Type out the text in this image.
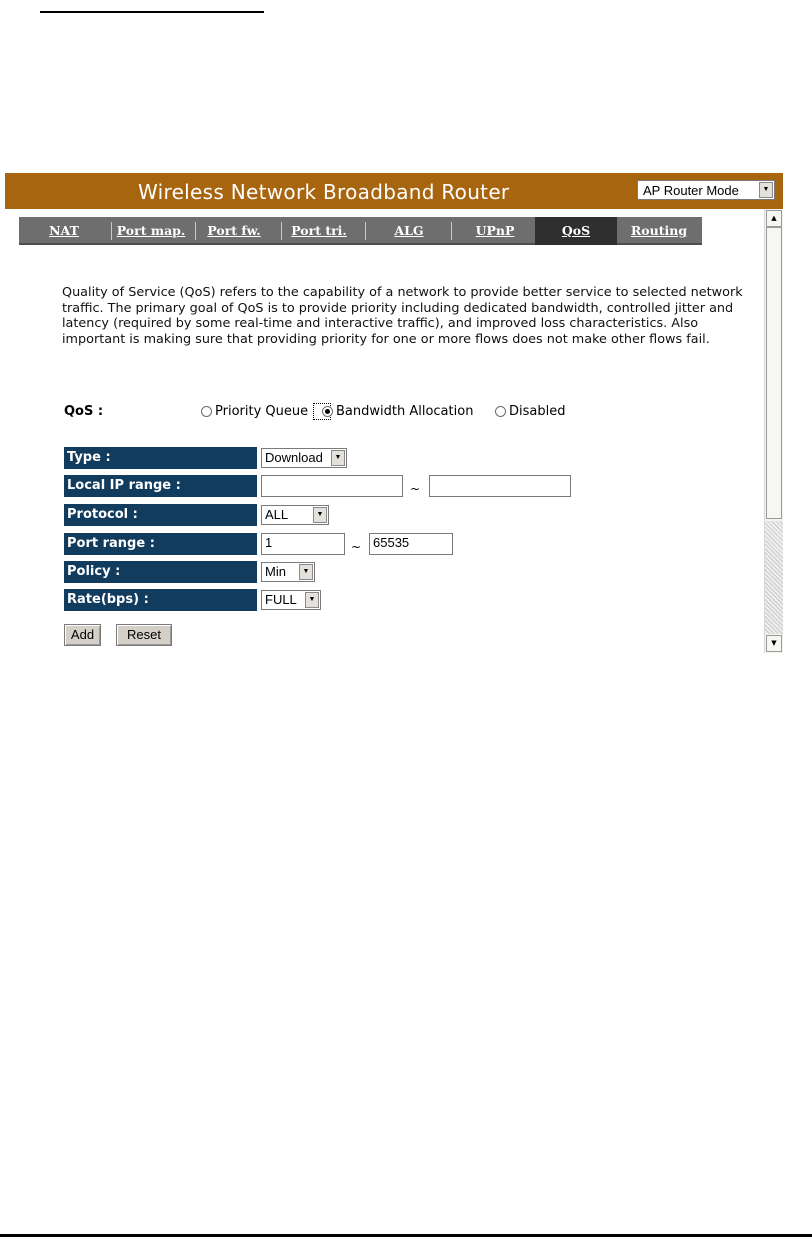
Wireless Network Broadband Router	AP Router Mode	▼
NAT	Port map.	Port fw.	Port tri.	ALG	UPnP	QoS	Routing
▲
▼

Quality of Service (QoS) refers to the capability of a network to provide better service to selected network traffic. The primary goal of QoS is to provide priority including dedicated bandwidth, controlled jitter and latency (required by some real-time and interactive traffic), and improved loss characteristics. Also important is making sure that providing priority for one or more flows does not make other flows fail.

QoS :	Priority Queue Bandwidth Allocation	Disabled
Type :	Download	▼
Local IP range :	~
Protocol :	ALL	▼
Port range :	1	~ 65535
Policy :	Min	▼
Rate(bps) :	FULL	▼
Add	Reset
